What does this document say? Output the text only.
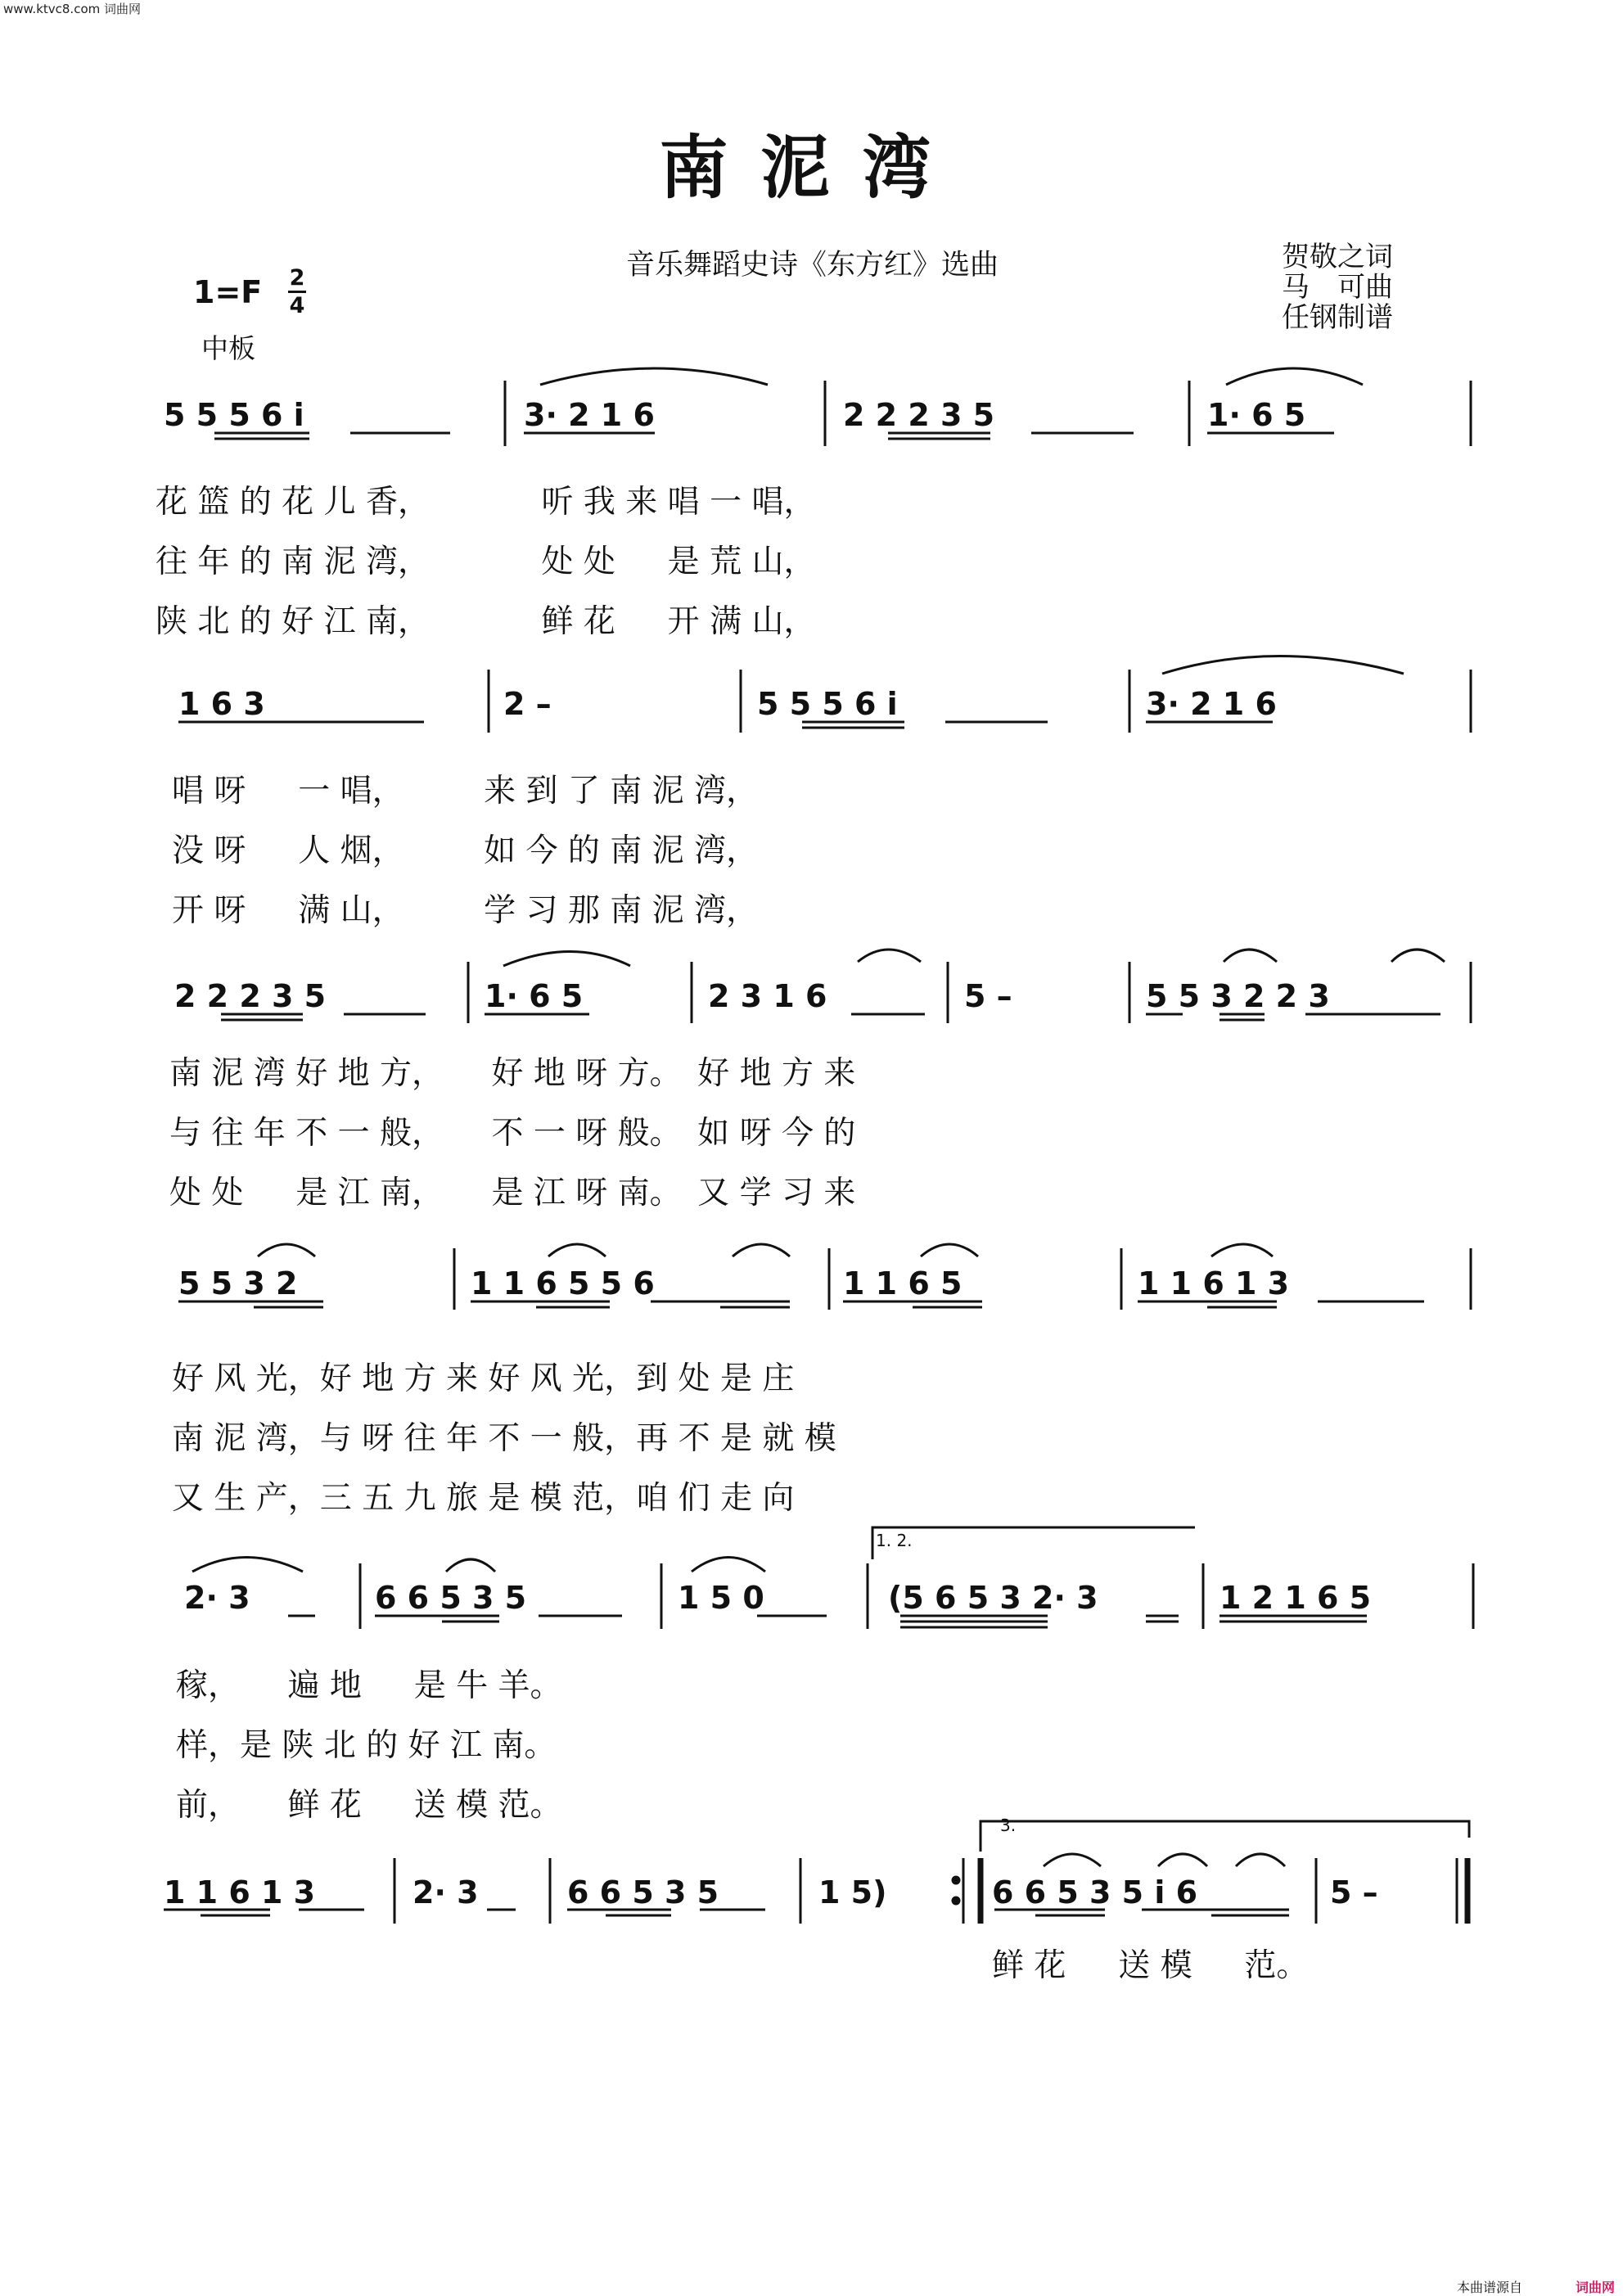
www.ktvc8.com 词曲网
南泥湾
音乐舞蹈史诗《东方红》选曲	贺敬之词
马　可曲
任钢制谱
1=F 2
4
中板
5 5 5 6 i	3· 2 1 6	2 2 2 3 5	1· 6 5
花 篮 的 花 儿 香，　　　　听 我 来 唱 一 唱，
往 年 的 南 泥 湾，　　　　处 处 　 是 荒 山，
陕 北 的 好 江 南，　　　　鲜 花 　 开 满 山，
1 6 3	2 –	5 5 5 6 i	3· 2 1 6
唱 呀 　 一 唱，　　　来 到 了 南 泥 湾，
没 呀 　 人 烟，　　　如 今 的 南 泥 湾，
开 呀 　 满 山，　　　学 习 那 南 泥 湾，
2 2 2 3 5	1· 6 5	2 3 1 6	5 –	5 5 3 2 2 3
南 泥 湾 好 地 方，　　好 地 呀 方。　好 地 方 来
与 往 年 不 一 般，　　不 一 呀 般。　如 呀 今 的
处 处 　 是 江 南，　　是 江 呀 南。　又 学 习 来
5 5 3 2	1 1 6 5 5 6	1 1 6 5	1 1 6 1 3
好 风 光，好 地 方 来 好 风 光，到 处 是 庄
南 泥 湾，与 呀 往 年 不 一 般，再 不 是 就 模
又 生 产，三 五 九 旅 是 模 范，咱 们 走 向
1. 2.
2· 3	6 6 5 3 5	1 5 0	(5 6 5 3 2· 3	1 2 1 6 5
稼，　　遍 地 　 是 牛 羊。
样，是 陕 北 的 好 江 南。
前，　　鲜 花 　 送 模 范。
3.
1 1 6 1 3	2· 3	6 6 5 3 5	1 5)	6 6 5 3 5 i 6	5 –
鲜 花 　 送 模 　 范。
本曲谱源自	词曲网
